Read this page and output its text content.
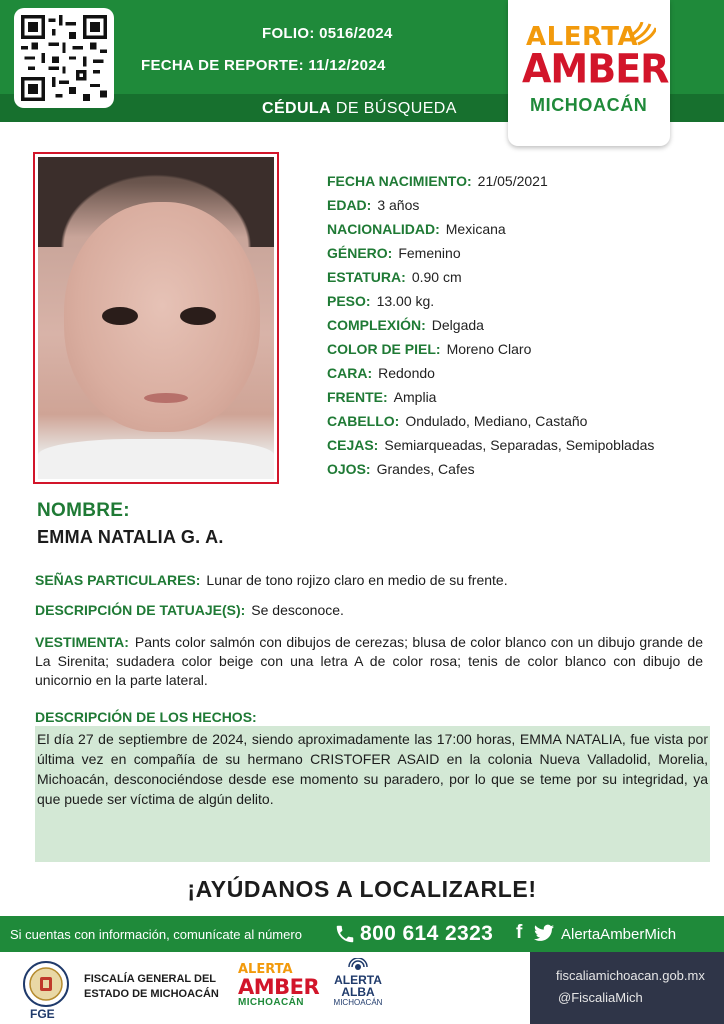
FOLIO: 0516/2024
FECHA DE REPORTE: 11/12/2024
CÉDULA DE BÚSQUEDA
ALERTA
AMBER
MICHOACÁN
FECHA NACIMIENTO: 21/05/2021
EDAD: 3 años
NACIONALIDAD: Mexicana
GÉNERO: Femenino
ESTATURA: 0.90 cm
PESO: 13.00 kg.
COMPLEXIÓN: Delgada
COLOR DE PIEL: Moreno Claro
CARA: Redondo
FRENTE: Amplia
CABELLO: Ondulado, Mediano, Castaño
CEJAS: Semiarqueadas, Separadas, Semipobladas
OJOS: Grandes, Cafes
NOMBRE:
EMMA NATALIA G. A.
SEÑAS PARTICULARES: Lunar de tono rojizo claro en medio de su frente.
DESCRIPCIÓN DE TATUAJE(S): Se desconoce.
VESTIMENTA: Pants color salmón con dibujos de cerezas; blusa de color blanco con un dibujo grande de La Sirenita; sudadera color beige con una letra A de color rosa; tenis de color blanco con dibujo de unicornio en la parte lateral.
DESCRIPCIÓN DE LOS HECHOS:
El día 27 de septiembre de 2024, siendo aproximadamente las 17:00 horas, EMMA NATALIA, fue vista por última vez en compañía de su hermano CRISTOFER ASAID en la colonia Nueva Valladolid, Morelia, Michoacán, desconociéndose desde ese momento su paradero, por lo que se teme por su integridad, ya que puede ser víctima de algún delito.
¡AYÚDANOS A LOCALIZARLE!
Si cuentas con información, comunícate al número	800 614 2323 f	AlertaAmberMich
FGE
FISCALÍA GENERAL DEL
ESTADO DE MICHOACÁN
ALERTA
AMBER
MICHOACÁN
ALERTA
ALBA
MICHOACÁN
fiscaliamichoacan.gob.mx
@FiscaliaMich
